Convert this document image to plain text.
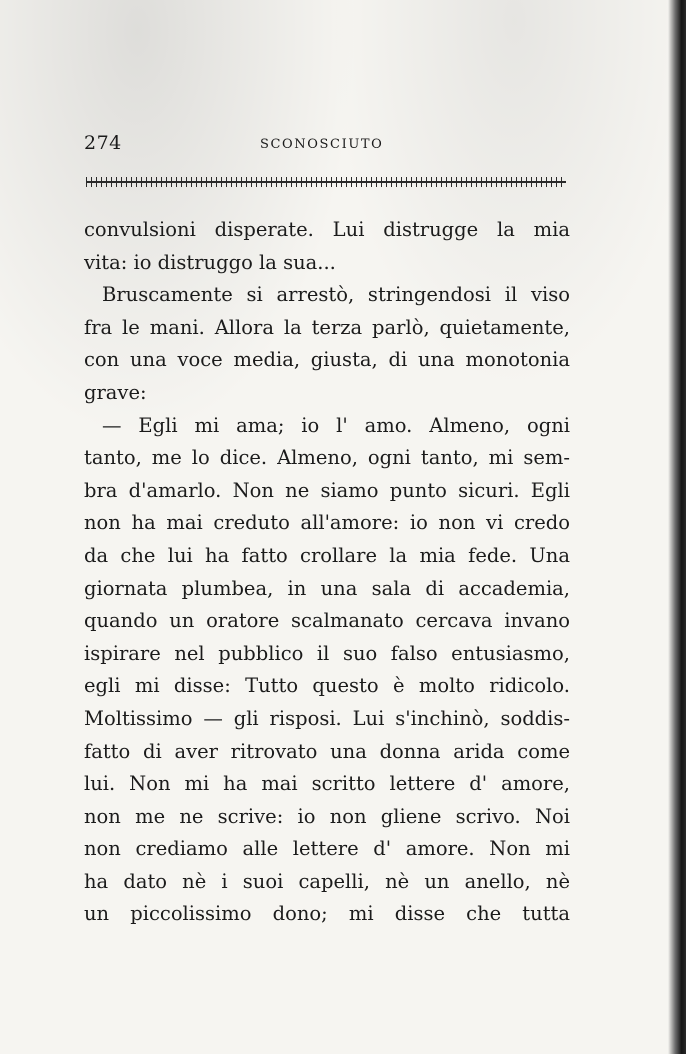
274	SCONOSCIUTO
convulsioni disperate. Lui distrugge la mia
vita: io distruggo la sua...
Bruscamente si arrestò, stringendosi il viso
fra le mani. Allora la terza parlò, quietamente,
con una voce media, giusta, di una monotonia
grave:
— Egli mi ama; io l' amo. Almeno, ogni
tanto, me lo dice. Almeno, ogni tanto, mi sem-
bra d'amarlo. Non ne siamo punto sicuri. Egli
non ha mai creduto all'amore: io non vi credo
da che lui ha fatto crollare la mia fede. Una
giornata plumbea, in una sala di accademia,
quando un oratore scalmanato cercava invano
ispirare nel pubblico il suo falso entusiasmo,
egli mi disse: Tutto questo è molto ridicolo.
Moltissimo — gli risposi. Lui s'inchinò, soddis-
fatto di aver ritrovato una donna arida come
lui. Non mi ha mai scritto lettere d' amore,
non me ne scrive: io non gliene scrivo. Noi
non crediamo alle lettere d' amore. Non mi
ha dato nè i suoi capelli, nè un anello, nè
un piccolissimo dono; mi disse che tutta
